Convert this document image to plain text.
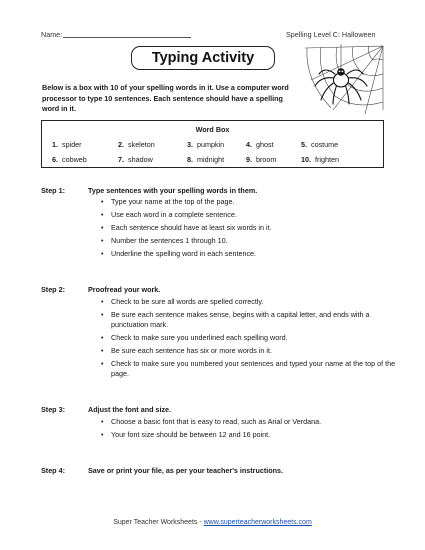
Name:	Spelling Level C: Halloween
Typing Activity
Below is a box with 10 of your spelling words in it. Use a computer word processor to type 10 sentences. Each sentence should have a spelling word in it.
Word Box
1. spider	2. skeleton	3. pumpkin	4. ghost	5. costume
6. cobweb	7. shadow	8. midnight	9. broom	10. frighten
Step 1:	Type sentences with your spelling words in them.
Type your name at the top of the page.
Use each word in a complete sentence.
Each sentence should have at least six words in it.
Number the sentences 1 through 10.
Underline the spelling word in each sentence.
Step 2:	Proofread your work.
Check to be sure all words are spelled correctly.
Be sure each sentence makes sense, begins with a capital letter, and ends with a punctuation mark.
Check to make sure you underlined each spelling word.
Be sure each sentence has six or more words in it.
Check to make sure you numbered your sentences and typed your name at the top of the page.
Step 3:	Adjust the font and size.
Choose a basic font that is easy to read, such as Arial or Verdana.
Your font size should be between 12 and 16 point.
Step 4:	Save or print your file, as per your teacher's instructions.
•
•
•
•
•
•
•
•
•
•
•
•
Super Teacher Worksheets - www.superteacherworksheets.com
